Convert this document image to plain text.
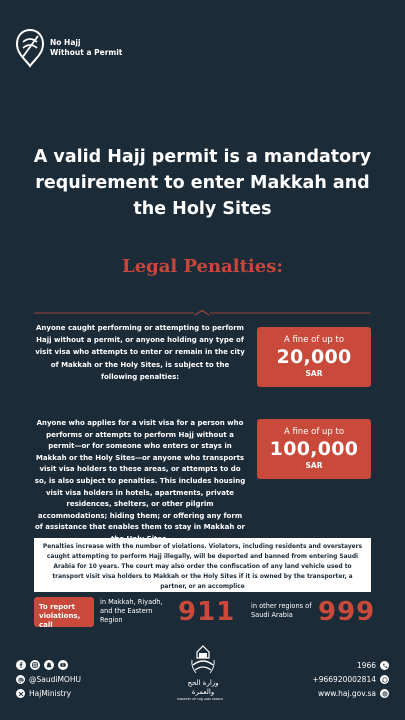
No Hajj
Without a Permit
A valid Hajj permit is a mandatory requirement to enter Makkah and the Holy Sites
Legal Penalties:
Anyone caught performing or attempting to perform Hajj without a permit, or anyone holding any type of visit visa who attempts to enter or remain in the city of Makkah or the Holy Sites, is subject to the following penalties:
A fine of up to
20,000
SAR
Anyone who applies for a visit visa for a person who performs or attempts to perform Hajj without a permit—or for someone who enters or stays in Makkah or the Holy Sites—or anyone who transports visit visa holders to these areas, or attempts to do so, is also subject to penalties. This includes housing visit visa holders in hotels, apartments, private residences, shelters, or other pilgrim accommodations; hiding them; or offering any form of assistance that enables them to stay in Makkah or
A fine of up to
100,000
SAR
Penalties increase with the number of violations. Violators, including residents and overstayers caught attempting to perform Hajj illegally, will be deported and banned from entering Saudi Arabia for 10 years. The court may also order the confiscation of any land vehicle used to transport visit visa holders to Makkah or the Holy Sites if it is owned by the transporter, a partner, or an accomplice
To report violations, call
in Makkah, Riyadh, and the Eastern Region	911 in other regions of Saudi Arabia 999
@SaudiMOHU
HajMinistry
وزارة الحج والعمرة
MINISTRY OF HAJJ AND UMRAH
1966
+966920002814
www.haj.gov.sa
